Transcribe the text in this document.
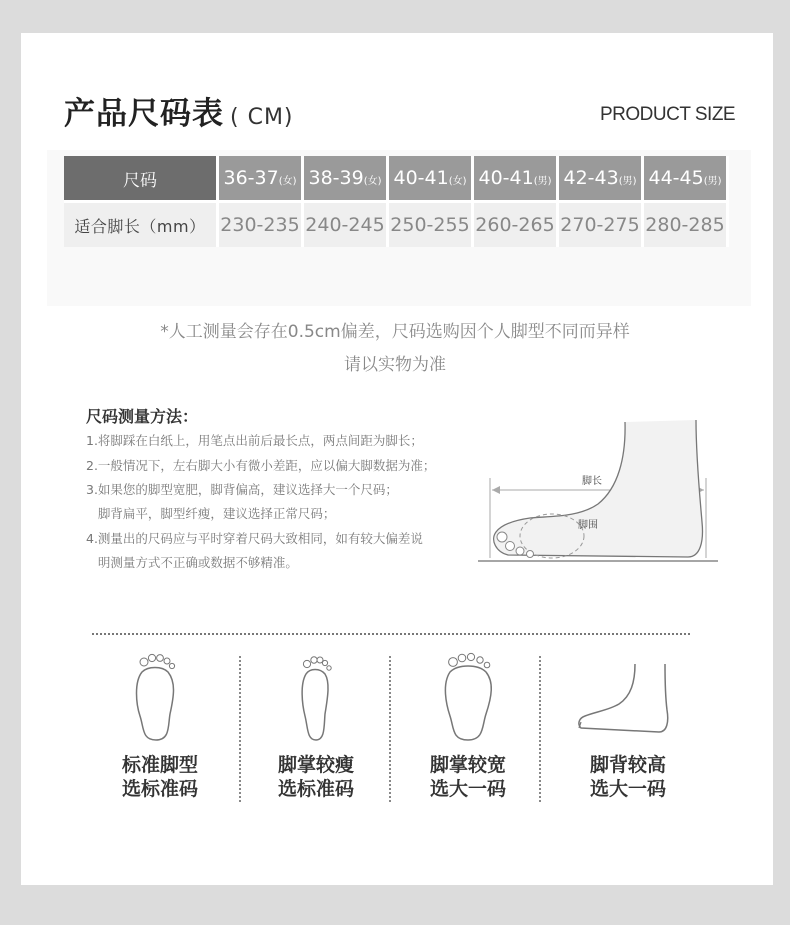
产品尺码表 ( CM)	PRODUCT SIZE
尺码	36-37(女)	38-39(女)	40-41(女)	40-41(男)	42-43(男)	44-45(男)
适合脚长（mm）	230-235	240-245	250-255	260-265	270-275	280-285
*人工测量会存在0.5cm偏差，尺码选购因个人脚型不同而异样
请以实物为准
尺码测量方法：
1.将脚踩在白纸上，用笔点出前后最长点，两点间距为脚长；
2.一般情况下，左右脚大小有微小差距，应以偏大脚数据为准；
3.如果您的脚型宽肥，脚背偏高，建议选择大一个尺码；
脚背扁平，脚型纤瘦，建议选择正常尺码；
4.测量出的尺码应与平时穿着尺码大致相同，如有较大偏差说
明测量方式不正确或数据不够精准。
脚长
脚围
标准脚型
选标准码
脚掌较瘦
选标准码
脚掌较宽
选大一码
脚背较高
选大一码
